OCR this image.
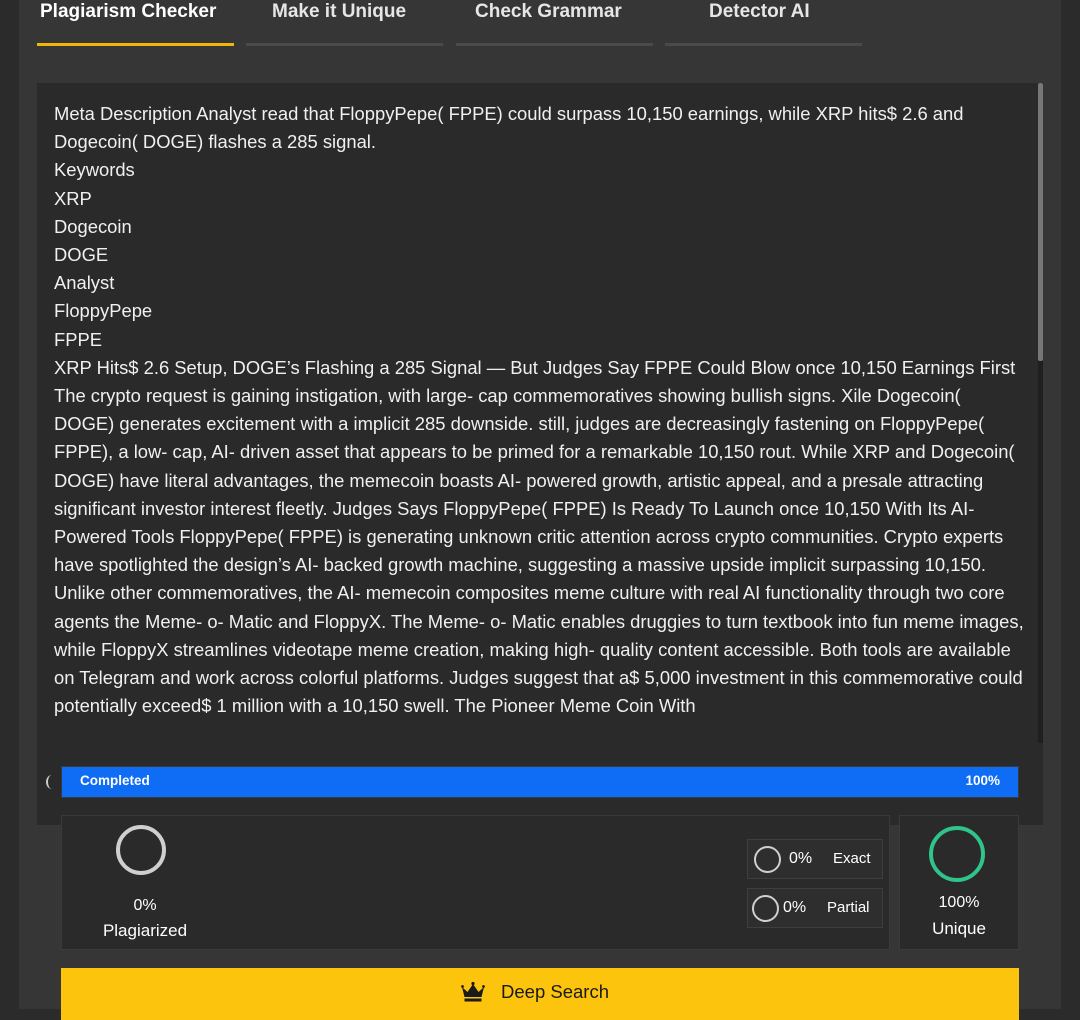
Plagiarism Checker	Make it Unique	Check Grammar	Detector AI
Meta Description Analyst read that FloppyPepe( FPPE) could surpass 10,150 earnings, while XRP hits$ 2.6 and Dogecoin( DOGE) flashes a 285 signal.
Keywords
XRP
Dogecoin
DOGE
Analyst
FloppyPepe
FPPE
XRP Hits$ 2.6 Setup, DOGE’s Flashing a 285 Signal — But Judges Say FPPE Could Blow once 10,150 Earnings First The crypto request is gaining instigation, with large- cap commemoratives showing bullish signs. Xile Dogecoin( DOGE) generates excitement with a implicit 285 downside. still, judges are decreasingly fastening on FloppyPepe( FPPE), a low- cap, AI- driven asset that appears to be primed for a remarkable 10,150 rout. While XRP and Dogecoin( DOGE) have literal advantages, the memecoin boasts AI- powered growth, artistic appeal, and a presale attracting significant investor interest fleetly. Judges Says FloppyPepe( FPPE) Is Ready To Launch once 10,150 With Its AI- Powered Tools FloppyPepe( FPPE) is generating unknown critic attention across crypto communities. Crypto experts have spotlighted the design’s AI- backed growth machine, suggesting a massive upside implicit surpassing 10,150. Unlike other commemoratives, the AI- memecoin composites meme culture with real AI functionality through two core agents the Meme- o- Matic and FloppyX. The Meme- o- Matic enables druggies to turn textbook into fun meme images, while FloppyX streamlines videotape meme creation, making high- quality content accessible. Both tools are available on Telegram and work across colorful platforms. Judges suggest that a$ 5,000 investment in this commemorative could potentially exceed$ 1 million with a 10,150 swell. The Pioneer Meme Coin With
Completed	100%
0%
Plagiarized
0% Exact
0% Partial	100%
Unique
Deep Search
